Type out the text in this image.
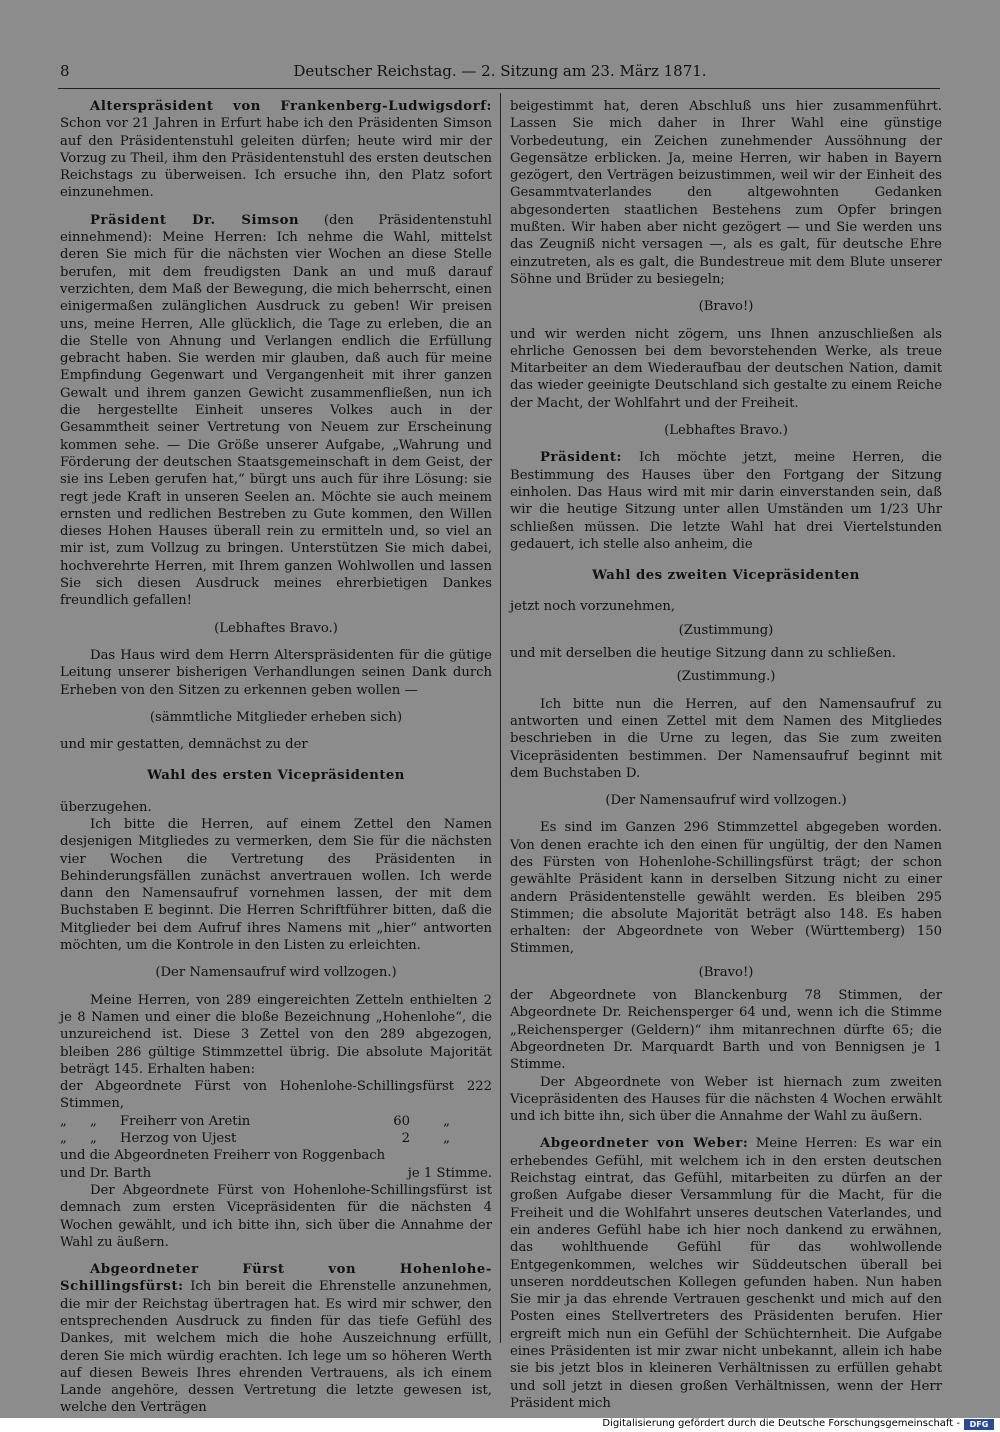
8	Deutscher Reichstag. — 2. Sitzung am 23. März 1871.

Alterspräsident von Frankenberg-Ludwigsdorf: Schon vor 21 Jahren in Erfurt habe ich den Präsidenten Simson auf den Präsidentenstuhl geleiten dürfen; heute wird mir der Vorzug zu Theil, ihm den Präsidentenstuhl des ersten deutschen Reichstags zu überweisen. Ich ersuche ihn, den Platz sofort einzunehmen.

Präsident Dr. Simson (den Präsidentenstuhl einnehmend): Meine Herren: Ich nehme die Wahl, mittelst deren Sie mich für die nächsten vier Wochen an diese Stelle berufen, mit dem freudigsten Dank an und muß darauf verzichten, dem Maß der Bewegung, die mich beherrscht, einen einigermaßen zulänglichen Ausdruck zu geben! Wir preisen uns, meine Herren, Alle glücklich, die Tage zu erleben, die an die Stelle von Ahnung und Verlangen endlich die Erfüllung gebracht haben. Sie werden mir glauben, daß auch für meine Empfindung Gegenwart und Vergangenheit mit ihrer ganzen Gewalt und ihrem ganzen Gewicht zusammenfließen, nun ich die hergestellte Einheit unseres Volkes auch in der Gesammtheit seiner Vertretung von Neuem zur Erscheinung kommen sehe. — Die Größe unserer Aufgabe, „Wahrung und Förderung der deutschen Staatsgemeinschaft in dem Geist, der sie ins Leben gerufen hat,“ bürgt uns auch für ihre Lösung: sie regt jede Kraft in unseren Seelen an. Möchte sie auch meinem ernsten und redlichen Bestreben zu Gute kommen, den Willen dieses Hohen Hauses überall rein zu ermitteln und, so viel an mir ist, zum Vollzug zu bringen. Unterstützen Sie mich dabei, hochverehrte Herren, mit Ihrem ganzen Wohlwollen und lassen Sie sich diesen Ausdruck meines ehrerbietigen Dankes freundlich gefallen!

(Lebhaftes Bravo.)

Das Haus wird dem Herrn Alterspräsidenten für die gütige Leitung unserer bisherigen Verhandlungen seinen Dank durch Erheben von den Sitzen zu erkennen geben wollen —

(sämmtliche Mitglieder erheben sich)

und mir gestatten, demnächst zu der

Wahl des ersten Vicepräsidenten

überzugehen.

Ich bitte die Herren, auf einem Zettel den Namen desjenigen Mitgliedes zu vermerken, dem Sie für die nächsten vier Wochen die Vertretung des Präsidenten in Behinderungsfällen zunächst anvertrauen wollen. Ich werde dann den Namensaufruf vornehmen lassen, der mit dem Buchstaben E beginnt. Die Herren Schriftführer bitten, daß die Mitglieder bei dem Aufruf ihres Namens mit „hier“ antworten möchten, um die Kontrole in den Listen zu erleichten.

(Der Namensaufruf wird vollzogen.)

Meine Herren, von 289 eingereichten Zetteln enthielten 2 je 8 Namen und einer die bloße Bezeichnung „Hohenlohe“, die unzureichend ist. Diese 3 Zettel von den 289 abgezogen, bleiben 286 gültige Stimmzettel übrig. Die absolute Majorität beträgt 145. Erhalten haben:

der Abgeordnete Fürst von Hohenlohe-Schillingsfürst 222 Stimmen,

„	„	Freiherr von Aretin	60	„
„	„	Herzog von Ujest	2	„

und die Abgeordneten Freiherr von Roggenbach

und Dr. Barth	je 1 Stimme.

Der Abgeordnete Fürst von Hohenlohe-Schillingsfürst ist demnach zum ersten Vicepräsidenten für die nächsten 4 Wochen gewählt, und ich bitte ihn, sich über die Annahme der Wahl zu äußern.

Abgeordneter Fürst von Hohenlohe-Schillingsfürst: Ich bin bereit die Ehrenstelle anzunehmen, die mir der Reichstag übertragen hat. Es wird mir schwer, den entsprechenden Ausdruck zu finden für das tiefe Gefühl des Dankes, mit welchem mich die hohe Auszeichnung erfüllt, deren Sie mich würdig erachten. Ich lege um so höheren Werth auf diesen Beweis Ihres ehrenden Vertrauens, als ich einem Lande angehöre, dessen Vertretung die letzte gewesen ist, welche den Verträgen

beigestimmt hat, deren Abschluß uns hier zusammenführt. Lassen Sie mich daher in Ihrer Wahl eine günstige Vorbedeutung, ein Zeichen zunehmender Aussöhnung der Gegensätze erblicken. Ja, meine Herren, wir haben in Bayern gezögert, den Verträgen beizustimmen, weil wir der Einheit des Gesammtvaterlandes den altgewohnten Gedanken abgesonderten staatlichen Bestehens zum Opfer bringen mußten. Wir haben aber nicht gezögert — und Sie werden uns das Zeugniß nicht versagen —, als es galt, für deutsche Ehre einzutreten, als es galt, die Bundestreue mit dem Blute unserer Söhne und Brüder zu besiegeln;

(Bravo!)

und wir werden nicht zögern, uns Ihnen anzuschließen als ehrliche Genossen bei dem bevorstehenden Werke, als treue Mitarbeiter an dem Wiederaufbau der deutschen Nation, damit das wieder geeinigte Deutschland sich gestalte zu einem Reiche der Macht, der Wohlfahrt und der Freiheit.

(Lebhaftes Bravo.)

Präsident: Ich möchte jetzt, meine Herren, die Bestimmung des Hauses über den Fortgang der Sitzung einholen. Das Haus wird mit mir darin einverstanden sein, daß wir die heutige Sitzung unter allen Umständen um 1/23 Uhr schließen müssen. Die letzte Wahl hat drei Viertelstunden gedauert, ich stelle also anheim, die

Wahl des zweiten Vicepräsidenten

jetzt noch vorzunehmen,

(Zustimmung)

und mit derselben die heutige Sitzung dann zu schließen.

(Zustimmung.)

Ich bitte nun die Herren, auf den Namensaufruf zu antworten und einen Zettel mit dem Namen des Mitgliedes beschrieben in die Urne zu legen, das Sie zum zweiten Vicepräsidenten bestimmen. Der Namensaufruf beginnt mit dem Buchstaben D.

(Der Namensaufruf wird vollzogen.)

Es sind im Ganzen 296 Stimmzettel abgegeben worden. Von denen erachte ich den einen für ungültig, der den Namen des Fürsten von Hohenlohe-Schillingsfürst trägt; der schon gewählte Präsident kann in derselben Sitzung nicht zu einer andern Präsidentenstelle gewählt werden. Es bleiben 295 Stimmen; die absolute Majorität beträgt also 148. Es haben erhalten: der Abgeordnete von Weber (Württemberg) 150 Stimmen,

(Bravo!)

der Abgeordnete von Blanckenburg 78 Stimmen, der Abgeordnete Dr. Reichensperger 64 und, wenn ich die Stimme „Reichensperger (Geldern)“ ihm mitanrechnen dürfte 65; die Abgeordneten Dr. Marquardt Barth und von Bennigsen je 1 Stimme.

Der Abgeordnete von Weber ist hiernach zum zweiten Vicepräsidenten des Hauses für die nächsten 4 Wochen erwählt und ich bitte ihn, sich über die Annahme der Wahl zu äußern.

Abgeordneter von Weber: Meine Herren: Es war ein erhebendes Gefühl, mit welchem ich in den ersten deutschen Reichstag eintrat, das Gefühl, mitarbeiten zu dürfen an der großen Aufgabe dieser Versammlung für die Macht, für die Freiheit und die Wohlfahrt unseres deutschen Vaterlandes, und ein anderes Gefühl habe ich hier noch dankend zu erwähnen, das wohlthuende Gefühl für das wohlwollende Entgegenkommen, welches wir Süddeutschen überall bei unseren norddeutschen Kollegen gefunden haben. Nun haben Sie mir ja das ehrende Vertrauen geschenkt und mich auf den Posten eines Stellvertreters des Präsidenten berufen. Hier ergreift mich nun ein Gefühl der Schüchternheit. Die Aufgabe eines Präsidenten ist mir zwar nicht unbekannt, allein ich habe sie bis jetzt blos in kleineren Verhältnissen zu erfüllen gehabt und soll jetzt in diesen großen Verhältnissen, wenn der Herr Präsident mich

Digitalisierung gefördert durch die Deutsche Forschungsgemeinschaft -	DFG
